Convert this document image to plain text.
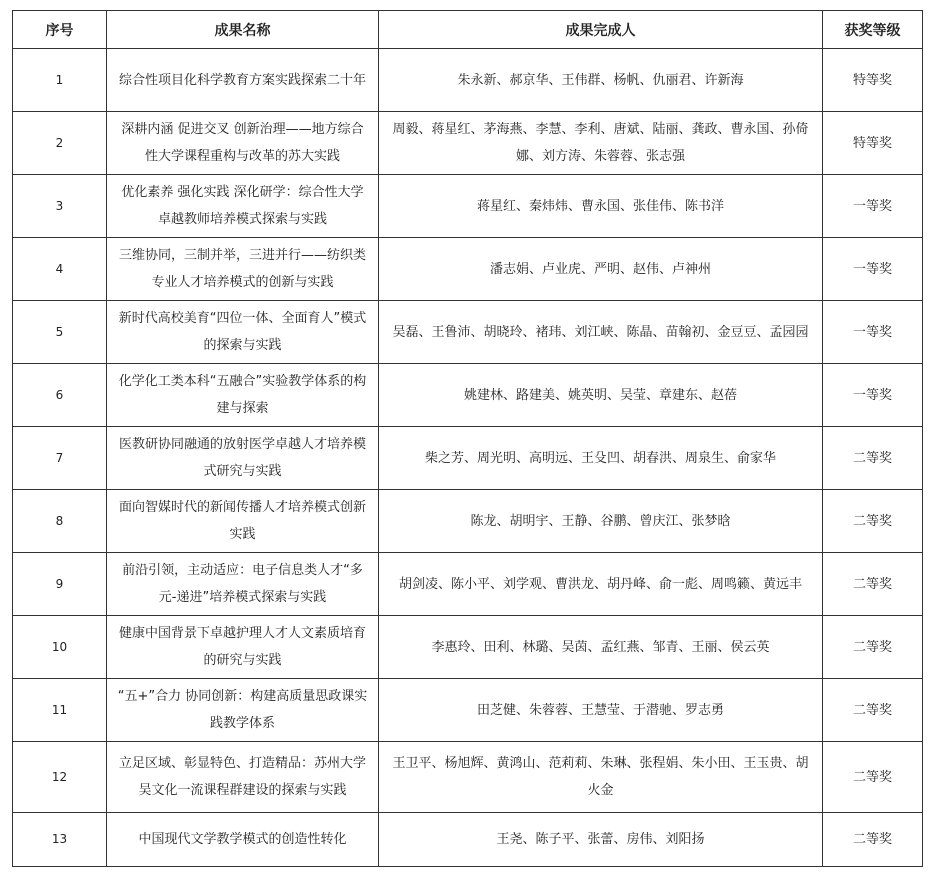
序号	成果名称	成果完成人	获奖等级
1	综合性项目化科学教育方案实践探索二十年	朱永新、郝京华、王伟群、杨帆、仇丽君、许新海	特等奖
2	深耕内涵 促进交叉 创新治理——地方综合性大学课程重构与改革的苏大实践	周毅、蒋星红、茅海燕、李慧、李利、唐斌、陆丽、龚政、曹永国、孙倚娜、刘方涛、朱蓉蓉、张志强	特等奖
3	优化素养 强化实践 深化研学：综合性大学卓越教师培养模式探索与实践	蒋星红、秦炜炜、曹永国、张佳伟、陈书洋	一等奖
4	三维协同，三制并举，三进并行——纺织类专业人才培养模式的创新与实践	潘志娟、卢业虎、严明、赵伟、卢神州	一等奖
5	新时代高校美育“四位一体、全面育人”模式的探索与实践	吴磊、王鲁沛、胡晓玲、褚玮、刘江峡、陈晶、苗翰初、金豆豆、孟园园	一等奖
6	化学化工类本科“五融合”实验教学体系的构建与探索	姚建林、路建美、姚英明、吴莹、章建东、赵蓓	一等奖
7	医教研协同融通的放射医学卓越人才培养模式研究与实践	柴之芳、周光明、高明远、王殳凹、胡春洪、周泉生、俞家华	二等奖
8	面向智媒时代的新闻传播人才培养模式创新实践	陈龙、胡明宇、王静、谷鹏、曾庆江、张梦晗	二等奖
9	前沿引领，主动适应：电子信息类人才“多元-递进”培养模式探索与实践	胡剑凌、陈小平、刘学观、曹洪龙、胡丹峰、俞一彪、周鸣籁、黄远丰	二等奖
10	健康中国背景下卓越护理人才人文素质培育的研究与实践	李惠玲、田利、林璐、吴茵、孟红燕、邹青、王丽、侯云英	二等奖
11	“五+”合力 协同创新：构建高质量思政课实践教学体系	田芝健、朱蓉蓉、王慧莹、于潜驰、罗志勇	二等奖
12	立足区域、彰显特色、打造精品：苏州大学吴文化一流课程群建设的探索与实践	王卫平、杨旭辉、黄鸿山、范莉莉、朱琳、张程娟、朱小田、王玉贵、胡火金	二等奖
13	中国现代文学教学模式的创造性转化	王尧、陈子平、张蕾、房伟、刘阳扬	二等奖
